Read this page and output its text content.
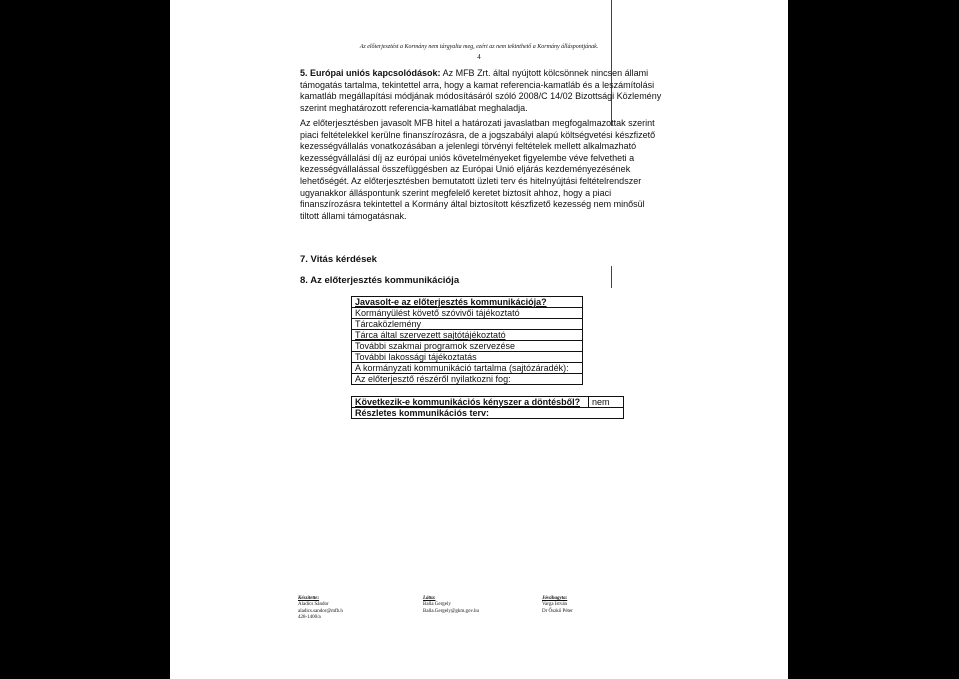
Az előterjesztést a Kormány nem tárgyalta meg, ezért az nem tekinthető a Kormány álláspontjának.
4
5. Európai uniós kapcsolódások: Az MFB Zrt. által nyújtott kölcsönnek nincsen állami
támogatás tartalma, tekintettel arra, hogy a kamat referencia-kamatláb és a leszámítolási
kamatláb megállapítási módjának módosításáról szóló 2008/C 14/02 Bizottsági Közlemény
szerint meghatározott referencia-kamatlábat meghaladja.
Az előterjesztésben javasolt MFB hitel a határozati javaslatban megfogalmazottak szerint
piaci feltételekkel kerülne finanszírozásra, de a jogszabályi alapú költségvetési készfizető
kezességvállalás vonatkozásában a jelenlegi törvényi feltételek mellett alkalmazható
kezességvállalási díj az európai uniós követelményeket figyelembe véve felvetheti a
kezességvállalással összefüggésben az Európai Unió eljárás kezdeményezésének
lehetőségét. Az előterjesztésben bemutatott üzleti terv és hitelnyújtási feltételrendszer
ugyanakkor álláspontunk szerint megfelelő keretet biztosít ahhoz, hogy a piaci
finanszírozásra tekintettel a Kormány által biztosított készfizető kezesség nem minősül
tiltott állami támogatásnak.
7. Vitás kérdések
8. Az előterjesztés kommunikációja
Javasolt-e az előterjesztés kommunikációja?
Kormányülést követő szóvivői tájékoztató
Tárcaközlemény
Tárca által szervezett sajtótájékoztató
További szakmai programok szervezése
További lakossági tájékoztatás
A kormányzati kommunikáció tartalma (sajtózáradék):
Az előterjesztő részéről nyilatkozni fog:
Következik-e kommunikációs kényszer a döntésből?	nem
Részletes kommunikációs terv:
Készítette:
Aladics Sándor
aladics.sandor@mfb.h
428-1400/a
Látta:
Balla Gergely
Balla.Gergely@gkm.gov.hu
Jóváhagyta:
Varga István
Dr Őszkő Péter
